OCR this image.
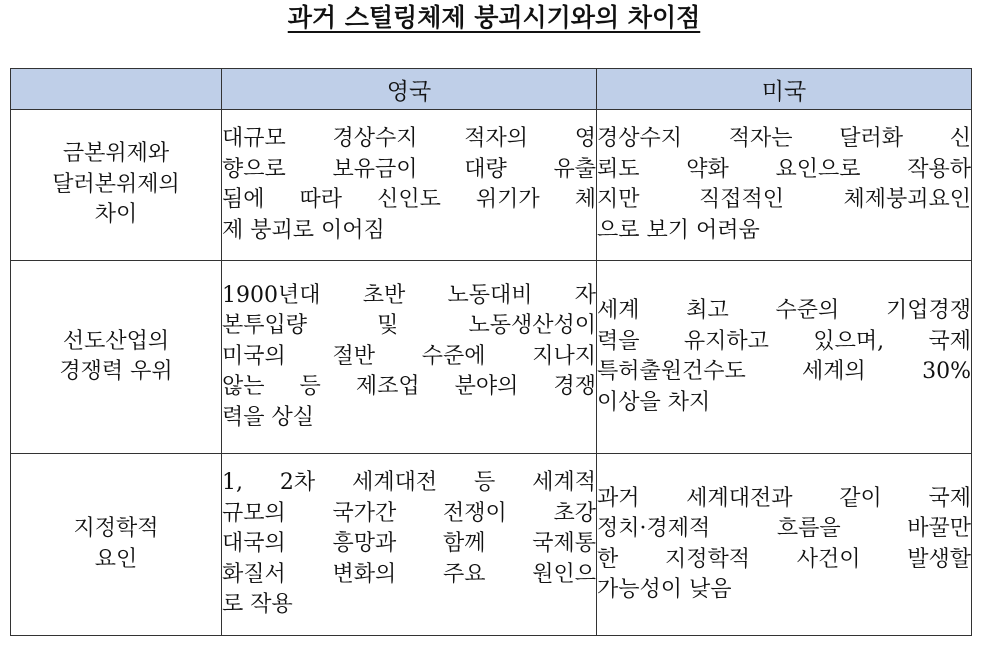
과거 스털링체제 붕괴시기와의 차이점
	영국	미국

금본위제와
달러본위제의
차이	대규모 경상수지 적자의 영
향으로 보유금이 대량 유출
됨에 따라 신인도 위기가 체
제 붕괴로 이어짐	경상수지 적자는 달러화 신
뢰도 약화 요인으로 작용하
지만 직접적인 체제붕괴요인
으로 보기 어려움

선도산업의
경쟁력 우위	1900년대 초반 노동대비 자
본투입량 및 노동생산성이
미국의 절반 수준에 지나지
않는 등 제조업 분야의 경쟁
력을 상실	세계 최고 수준의 기업경쟁
력을 유지하고 있으며, 국제
특허출원건수도 세계의 30%
이상을 차지

지정학적
요인	1, 2차 세계대전 등 세계적
규모의 국가간 전쟁이 초강
대국의 흥망과 함께 국제통
화질서 변화의 주요 원인으
로 작용	과거 세계대전과 같이 국제
정치·경제적 흐름을 바꿀만
한 지정학적 사건이 발생할
가능성이 낮음
